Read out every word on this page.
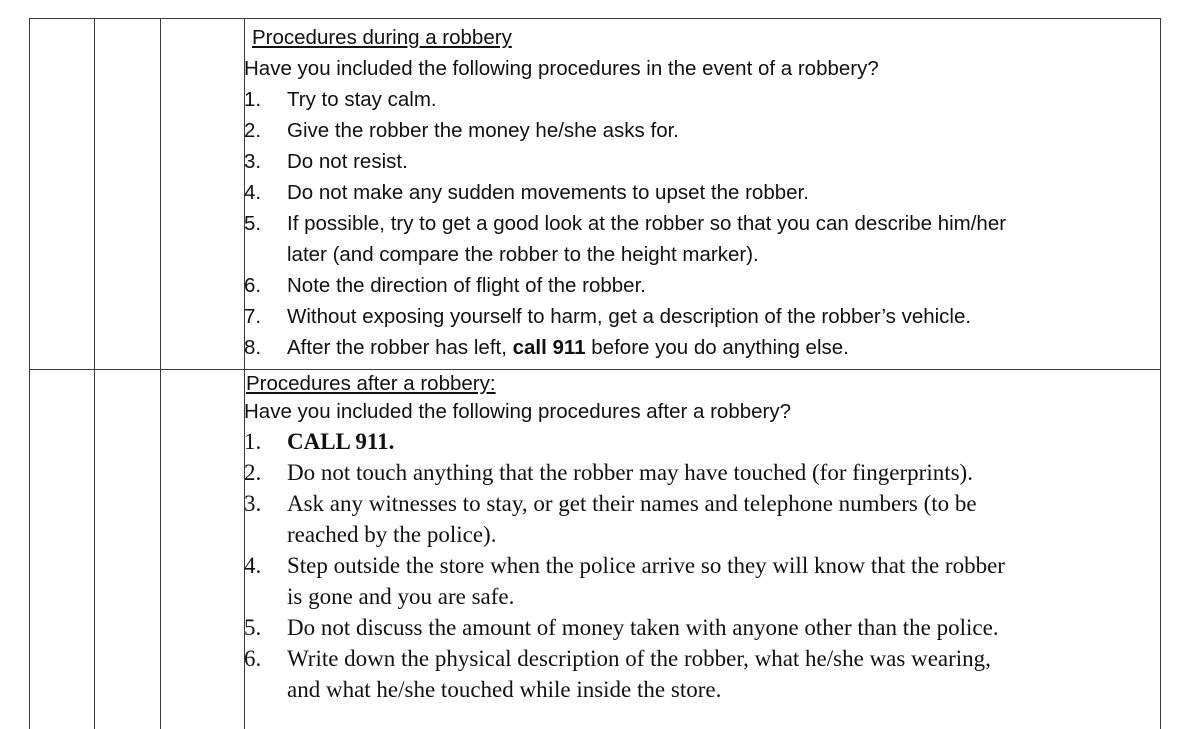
Procedures during a robbery
Have you included the following procedures in the event of a robbery?
1.	Try to stay calm.
2.	Give the robber the money he/she asks for.
3.	Do not resist.
4.	Do not make any sudden movements to upset the robber.
5.	If possible, try to get a good look at the robber so that you can describe him/her
later (and compare the robber to the height marker).
6.	Note the direction of flight of the robber.
7.	Without exposing yourself to harm, get a description of the robber’s vehicle.
8.	After the robber has left, call 911 before you do anything else.
Procedures after a robbery:
Have you included the following procedures after a robbery?
1.	CALL 911.
2.	Do not touch anything that the robber may have touched (for fingerprints).
3.	Ask any witnesses to stay, or get their names and telephone numbers (to be
reached by the police).
4.	Step outside the store when the police arrive so they will know that the robber
is gone and you are safe.
5.	Do not discuss the amount of money taken with anyone other than the police.
6.	Write down the physical description of the robber, what he/she was wearing,
and what he/she touched while inside the store.
